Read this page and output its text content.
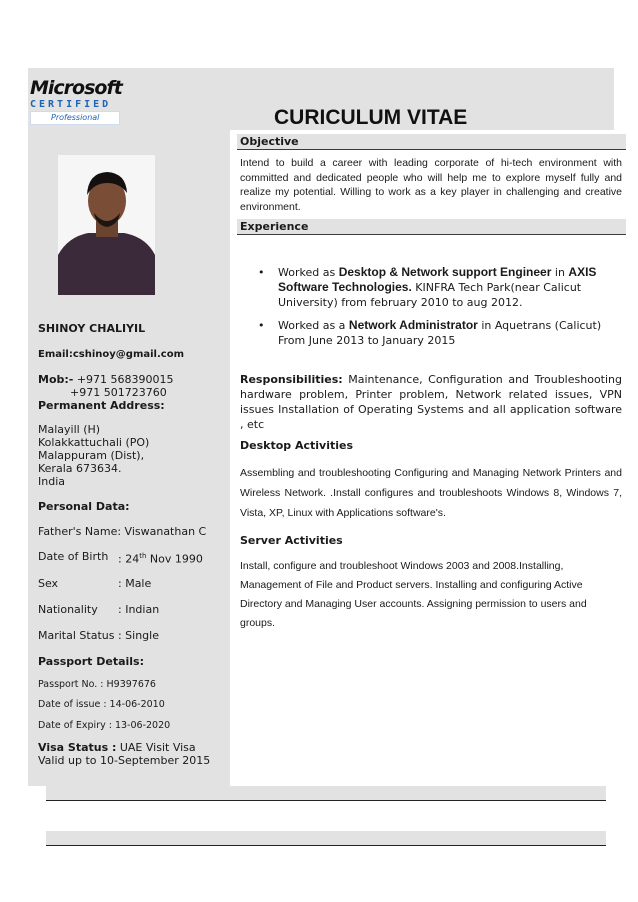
Microsoft
CERTIFIED
Professional	CURICULUM VITAE
SHINOY CHALIYIL
Email:cshinoy@gmail.com
Mob:- +971 568390015
+971 501723760
Permanent Address:
Malayill (H)
Kolakkattuchali (PO)
Malappuram (Dist),
Kerala 673634.
India
Personal Data:
Father's Name: Viswanathan C
Date of Birth : 24th Nov 1990
Sex	: Male
Nationality : Indian
Marital Status : Single
Passport Details:
Passport No. : H9397676
Date of issue : 14-06-2010
Date of Expiry : 13-06-2020
Visa Status : UAE Visit Visa
Valid up to 10-September 2015
Objective
Intend to build a career with leading corporate of hi-tech environment with committed and dedicated people who will help me to explore myself fully and realize my potential. Willing to work as a key player in challenging and creative environment.
Experience
• Worked as Desktop & Network support Engineer in AXIS Software Technologies. KINFRA Tech Park(near Calicut University) from february 2010 to aug 2012.
• Worked as a Network Administrator in Aquetrans (Calicut) From June 2013 to January 2015
Responsibilities: Maintenance, Configuration and Troubleshooting hardware problem, Printer problem, Network related issues, VPN issues Installation of Operating Systems and all application software , etc
Desktop Activities
Assembling and troubleshooting Configuring and Managing Network Printers and Wireless Network. .Install configures and troubleshoots Windows 8, Windows 7, Vista, XP, Linux with Applications software's.
Server Activities
Install, configure and troubleshoot Windows 2003 and 2008.Installing, Management of File and Product servers. Installing and configuring Active Directory and Managing User accounts. Assigning permission to users and groups.
